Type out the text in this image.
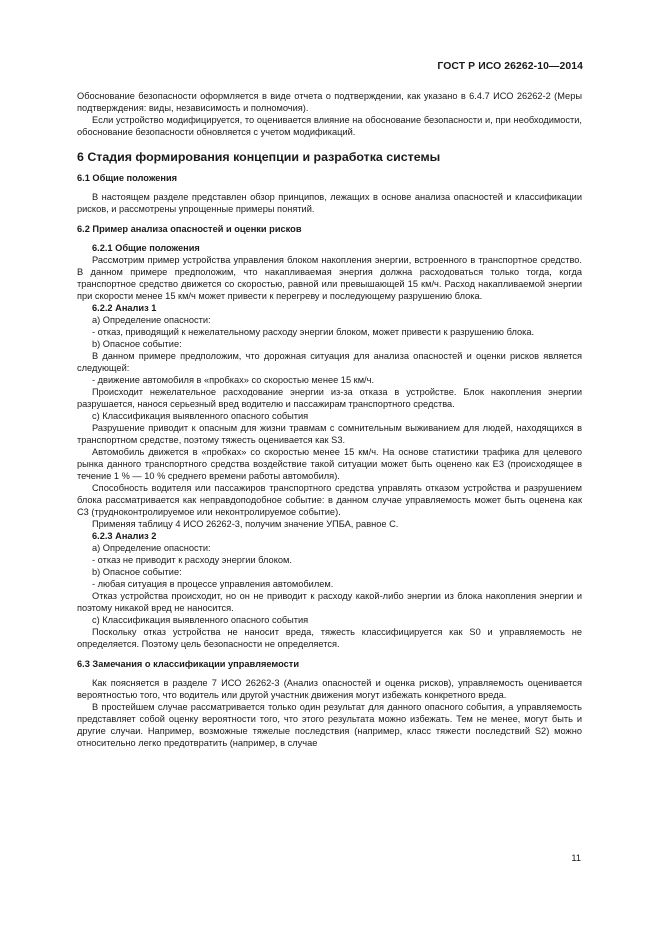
ГОСТ Р ИСО 26262-10—2014

Обоснование безопасности оформляется в виде отчета о подтверждении, как указано в 6.4.7 ИСО 26262-2 (Меры подтверждения: виды, независимость и полномочия).

Если устройство модифицируется, то оценивается влияние на обоснование безопасности и, при необходимости, обоснование безопасности обновляется с учетом модификаций.

6 Стадия формирования концепции и разработка системы

6.1 Общие положения

В настоящем разделе представлен обзор принципов, лежащих в основе анализа опасностей и классификации рисков, и рассмотрены упрощенные примеры понятий.

6.2 Пример анализа опасностей и оценки рисков

6.2.1 Общие положения

Рассмотрим пример устройства управления блоком накопления энергии, встроенного в транспортное средство. В данном примере предположим, что накапливаемая энергия должна расходоваться только тогда, когда транспортное средство движется со скоростью, равной или превышающей 15 км/ч. Расход накапливаемой энергии при скорости менее 15 км/ч может привести к перегреву и последующему разрушению блока.

6.2.2 Анализ 1

a) Определение опасности:

- отказ, приводящий к нежелательному расходу энергии блоком, может привести к разрушению блока.

b) Опасное событие:

В данном примере предположим, что дорожная ситуация для анализа опасностей и оценки рисков является следующей:

- движение автомобиля в «пробках» со скоростью менее 15 км/ч.

Происходит нежелательное расходование энергии из-за отказа в устройстве. Блок накопления энергии разрушается, нанося серьезный вред водителю и пассажирам транспортного средства.

c) Классификация выявленного опасного события

Разрушение приводит к опасным для жизни травмам с сомнительным выживанием для людей, находящихся в транспортном средстве, поэтому тяжесть оценивается как S3.

Автомобиль движется в «пробках» со скоростью менее 15 км/ч. На основе статистики трафика для целевого рынка данного транспортного средства воздействие такой ситуации может быть оценено как Е3 (происходящее в течение 1 % — 10 % среднего времени работы автомобиля).

Способность водителя или пассажиров транспортного средства управлять отказом устройства и разрушением блока рассматривается как неправдоподобное событие: в данном случае управляемость может быть оценена как С3 (трудноконтролируемое или неконтролируемое событие).

Применяя таблицу 4 ИСО 26262-3, получим значение УПБА, равное С.

6.2.3 Анализ 2

a) Определение опасности:

- отказ не приводит к расходу энергии блоком.

b) Опасное событие:

- любая ситуация в процессе управления автомобилем.

Отказ устройства происходит, но он не приводит к расходу какой-либо энергии из блока накопления энергии и поэтому никакой вред не наносится.

c) Классификация выявленного опасного события

Поскольку отказ устройства не наносит вреда, тяжесть классифицируется как S0 и управляемость не определяется. Поэтому цель безопасности не определяется.

6.3 Замечания о классификации управляемости

Как поясняется в разделе 7 ИСО 26262-3 (Анализ опасностей и оценка рисков), управляемость оценивается вероятностью того, что водитель или другой участник движения могут избежать конкретного вреда.

В простейшем случае рассматривается только один результат для данного опасного события, а управляемость представляет собой оценку вероятности того, что этого результата можно избежать. Тем не менее, могут быть и другие случаи. Например, возможные тяжелые последствия (например, класс тяжести последствий S2) можно относительно легко предотвратить (например, в случае

11
